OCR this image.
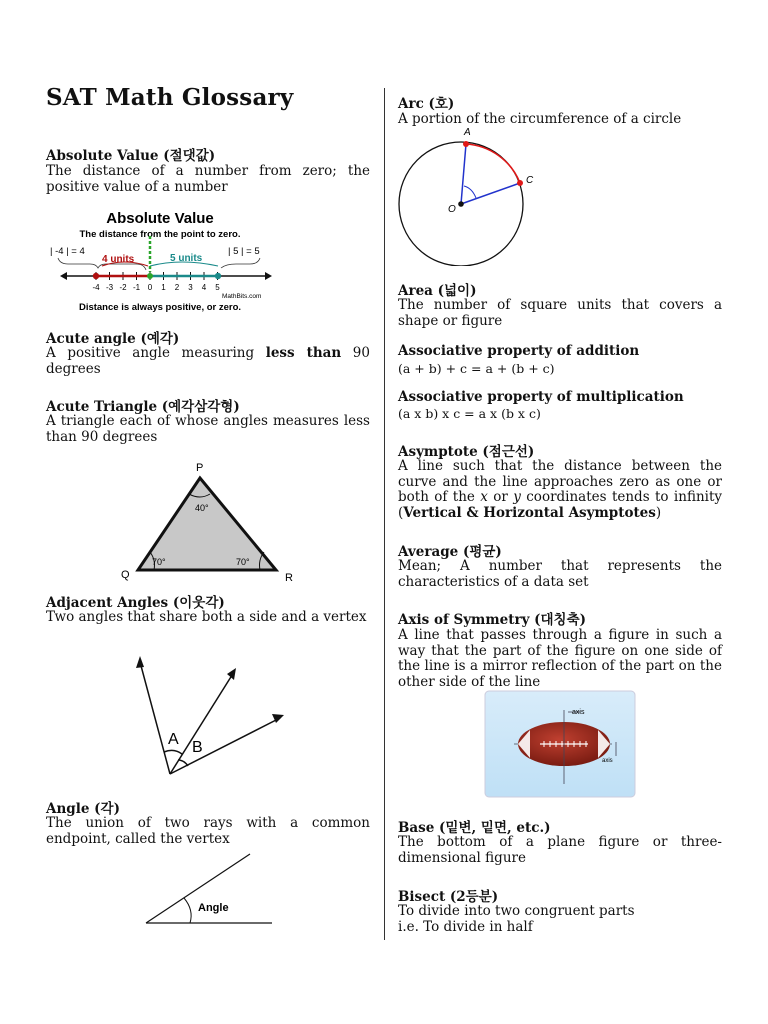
SAT Math Glossary

Absolute Value (절댓값)

The distance of a number from zero; the positive value of a number

Absolute Value
The distance from the point to zero.
| -4 | = 4	| 5 | = 5
4 units	5 units
-4 -3 -2 -1 0 1 2 3 4 5
MathBits.com
Distance is always positive, or zero.

Acute angle (예각)

A positive angle measuring less than 90 degrees

Acute Triangle (예각삼각형)

A triangle each of whose angles measures less than 90 degrees

P
Q	R
40°
70°	70°

Adjacent Angles (이웃각)

Two angles that share both a side and a vertex

A B

Angle (각)

The union of two rays with a common endpoint, called the vertex

Angle

Arc (호)

A portion of the circumference of a circle

A
C
O

Area (넓이)

The number of square units that covers a shape or figure

Associative property of addition

(a + b) + c = a + (b + c)

Associative property of multiplication

(a x b) x c = a x (b x c)

Asymptote (점근선)

A line such that the distance between the curve and the line approaches zero as one or both of the x or y coordinates tends to infinity (Vertical & Horizontal Asymptotes)

Average (평균)

Mean; A number that represents the characteristics of a data set

Axis of Symmetry (대칭축)

A line that passes through a figure in such a way that the part of the figure on one side of the line is a mirror reflection of the part on the other side of the line

axis
axis

Base (밑변, 밑면, etc.)

The bottom of a plane figure or three-dimensional figure

Bisect (2등분)

To divide into two congruent parts
i.e. To divide in half
